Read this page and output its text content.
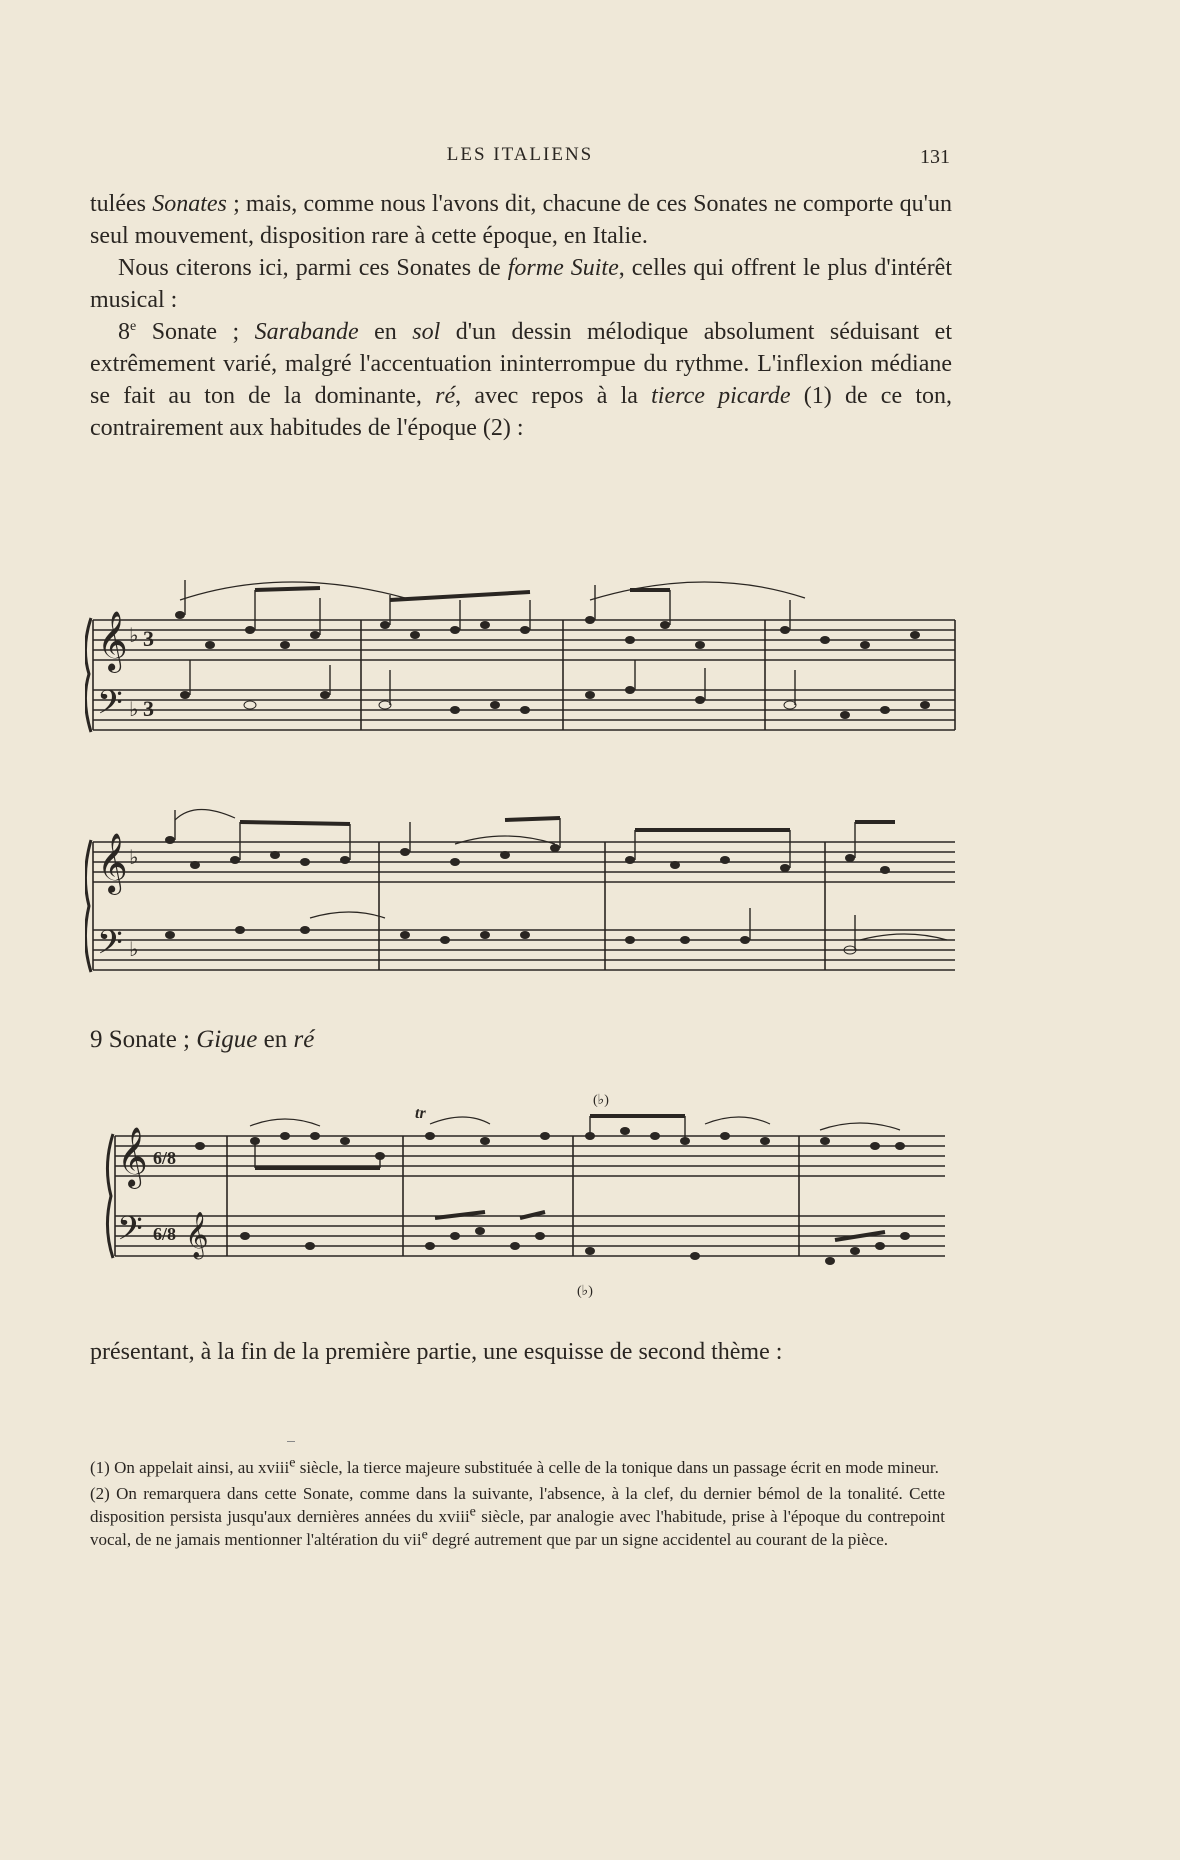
LES ITALIENS	131

tulées Sonates ; mais, comme nous l'avons dit, chacune de ces Sonates ne comporte qu'un seul mouvement, disposition rare à cette époque, en Italie.

Nous citerons ici, parmi ces Sonates de forme Suite, celles qui offrent le plus d'intérêt musical :

8e Sonate ; Sarabande en sol d'un dessin mélodique absolument séduisant et extrêmement varié, malgré l'accentuation ininterrompue du rythme. L'inflexion médiane se fait au ton de la dominante, ré, avec repos à la tierce picarde (1) de ce ton, contrairement aux habitudes de l'époque (2) :

𝄞
𝄢
♭
♭
3
3
𝄞
𝄢
♭
♭

9 Sonate ; Gigue en ré

𝄞
𝄢
6/8
6/8 𝄞
tr
(♭)
(♭)

présentant, à la fin de la première partie, une esquisse de second thème :

(1) On appelait ainsi, au xviii$^e$ siècle, la tierce majeure substituée à celle de la tonique dans un passage écrit en mode mineur.

(2) On remarquera dans cette Sonate, comme dans la suivante, l'absence, à la clef, du dernier bémol de la tonalité. Cette disposition persista jusqu'aux dernières années du xviii$^e$ siècle, par analogie avec l'habitude, prise à l'époque du contrepoint vocal, de ne jamais mentionner l'altération du vii$^e$ degré autrement que par un signe accidentel au courant de la pièce.
